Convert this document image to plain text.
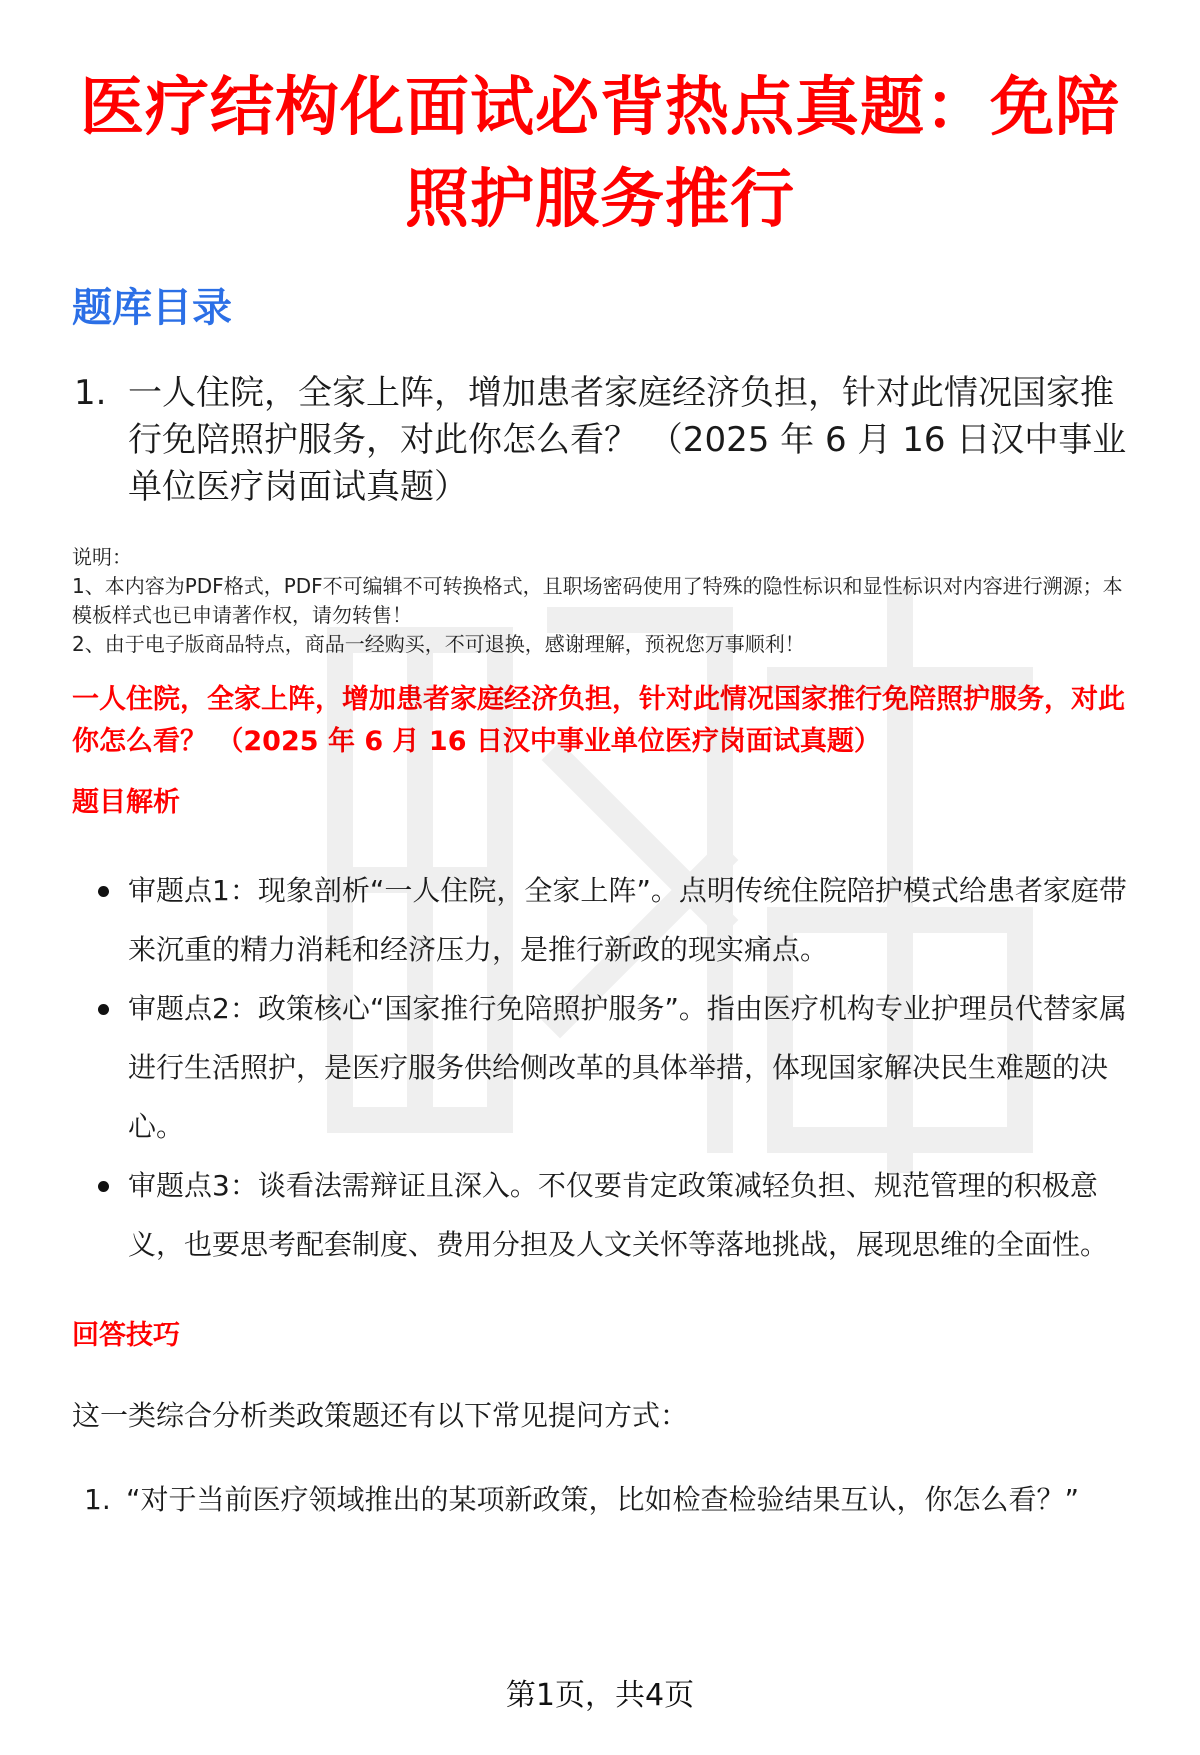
医疗结构化面试必背热点真题：免陪照护服务推行
题库目录
1. 一人住院，全家上阵，增加患者家庭经济负担，针对此情况国家推行免陪照护服务，对此你怎么看？ （2025 年 6 月 16 日汉中事业单位医疗岗面试真题）

说明：

1、本内容为PDF格式，PDF不可编辑不可转换格式，且职场密码使用了特殊的隐性标识和显性标识对内容进行溯源；本模板样式也已申请著作权，请勿转售！

2、由于电子版商品特点，商品一经购买，不可退换，感谢理解，预祝您万事顺利！

一人住院，全家上阵，增加患者家庭经济负担，针对此情况国家推行免陪照护服务，对此你怎么看？ （2025 年 6 月 16 日汉中事业单位医疗岗面试真题）

题目解析
审题点1：现象剖析“一人住院，全家上阵”。点明传统住院陪护模式给患者家庭带来沉重的精力消耗和经济压力，是推行新政的现实痛点。
审题点2：政策核心“国家推行免陪照护服务”。指由医疗机构专业护理员代替家属进行生活照护，是医疗服务供给侧改革的具体举措，体现国家解决民生难题的决心。
审题点3：谈看法需辩证且深入。不仅要肯定政策减轻负担、规范管理的积极意义，也要思考配套制度、费用分担及人文关怀等落地挑战，展现思维的全面性。
回答技巧

这一类综合分析类政策题还有以下常见提问方式：

1. “对于当前医疗领域推出的某项新政策，比如检查检验结果互认，你怎么看？”
第1页，共4页
